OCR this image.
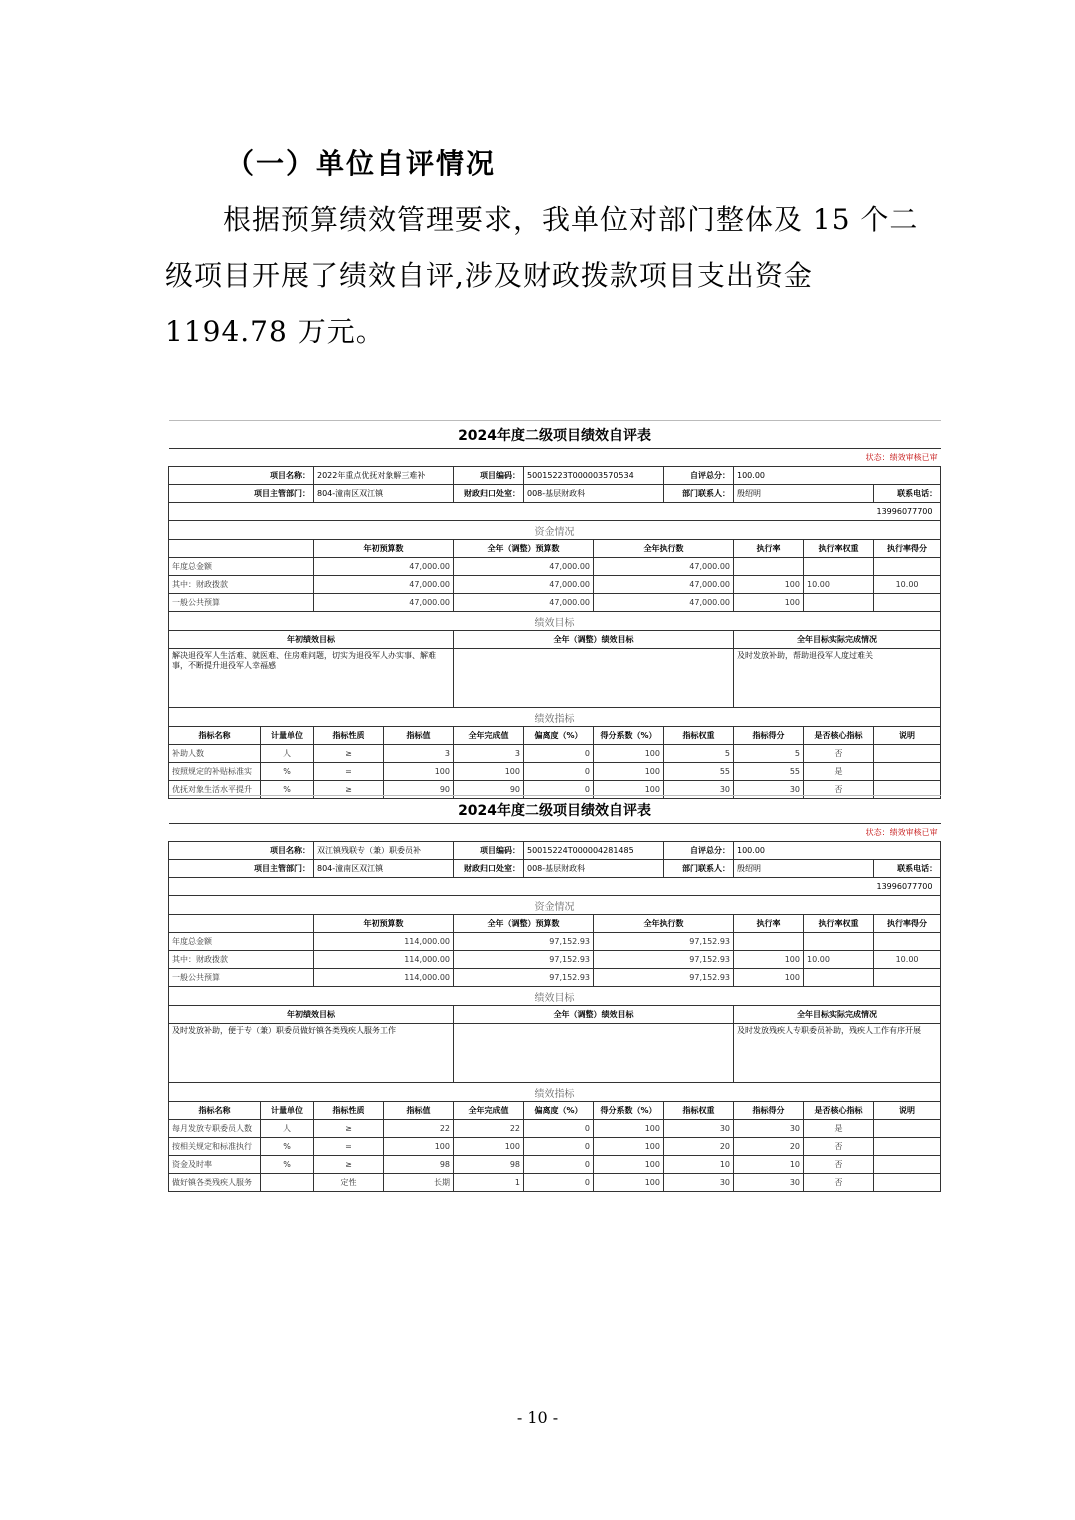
（一）单位自评情况

根据预算绩效管理要求，我单位对部门整体及 15 个二级项目开展了绩效自评,涉及财政拨款项目支出资金 1194.78 万元。

2024年度二级项目绩效自评表										
状态：绩效审核已审										
项目名称：		2022年重点优抚对象解三难补		项目编码：	50015223T000003570534		自评总分：	100.00		
项目主管部门：		804-潼南区双江镇		财政归口处室：	008-基层财政科		部门联系人：	殷绍明		联系电话：
										13996077700
资金情况										
		年初预算数		全年（调整）预算数		全年执行数		执行率	执行率权重	执行率得分
年度总金额		47,000.00		47,000.00		47,000.00				
其中：财政拨款		47,000.00		47,000.00		47,000.00		100	10.00	10.00
一般公共预算		47,000.00		47,000.00		47,000.00		100		
绩效目标										
年初绩效目标				全年（调整）绩效目标				全年目标实际完成情况		
解决退役军人生活难、就医难、住房难问题，切实为退役军人办实事、解难事，不断提升退役军人幸福感								及时发放补助，帮助退役军人度过难关		
绩效指标										
指标名称	计量单位	指标性质	指标值	全年完成值	偏离度（%）	得分系数（%）	指标权重	指标得分	是否核心指标	说明
补助人数	人	≥	3	3	0	100	5	5	否	
按照规定的补贴标准实	%	=	100	100	0	100	55	55	是	
优抚对象生活水平提升	%	≥	90	90	0	100	30	30	否	
2024年度二级项目绩效自评表										
状态：绩效审核已审										
项目名称：		双江镇残联专（兼）职委员补		项目编码：	50015224T000004281485		自评总分：	100.00		
项目主管部门：		804-潼南区双江镇		财政归口处室：	008-基层财政科		部门联系人：	殷绍明		联系电话：
										13996077700
资金情况										
		年初预算数		全年（调整）预算数		全年执行数		执行率	执行率权重	执行率得分
年度总金额		114,000.00		97,152.93		97,152.93				
其中：财政拨款		114,000.00		97,152.93		97,152.93		100	10.00	10.00
一般公共预算		114,000.00		97,152.93		97,152.93		100		
绩效目标										
年初绩效目标				全年（调整）绩效目标				全年目标实际完成情况		
及时发放补助，便于专（兼）职委员做好镇各类残疾人服务工作								及时发放残疾人专职委员补助，残疾人工作有序开展		
绩效指标										
指标名称	计量单位	指标性质	指标值	全年完成值	偏离度（%）	得分系数（%）	指标权重	指标得分	是否核心指标	说明
每月发放专职委员人数	人	≥	22	22	0	100	30	30	是	
按相关规定和标准执行	%	=	100	100	0	100	20	20	否	
资金及时率	%	≥	98	98	0	100	10	10	否	
做好镇各类残疾人服务		定性	长期	1	0	100	30	30	否	
- 10 -
